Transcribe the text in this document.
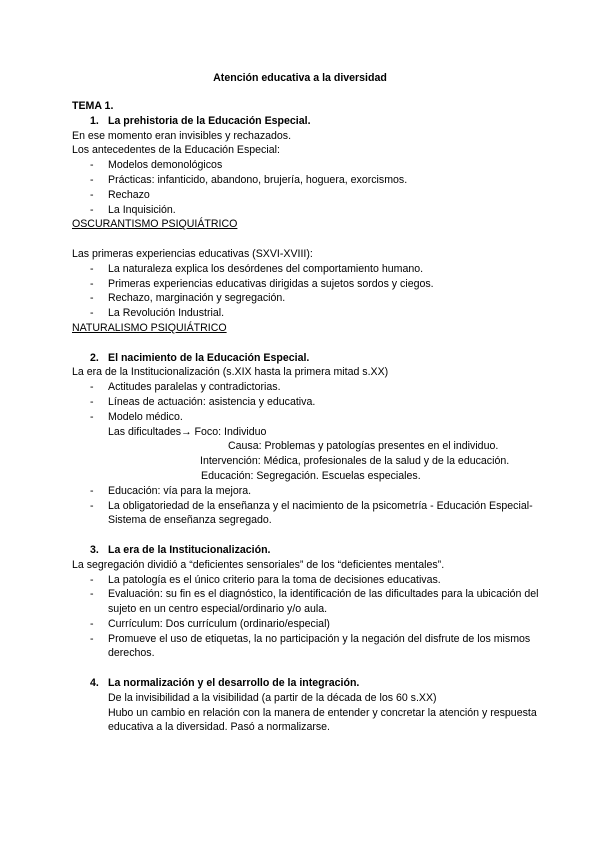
Atención educativa a la diversidad

TEMA 1.

1. La prehistoria de la Educación Especial.

En ese momento eran invisibles y rechazados.

Los antecedentes de la Educación Especial:

- Modelos demonológicos
- Prácticas: infanticido, abandono, brujería, hoguera, exorcismos.
- Rechazo
- La Inquisición.

OSCURANTISMO PSIQUIÁTRICO

Las primeras experiencias educativas (SXVI-XVIII):

- La naturaleza explica los desórdenes del comportamiento humano.
- Primeras experiencias educativas dirigidas a sujetos sordos y ciegos.
- Rechazo, marginación y segregación.
- La Revolución Industrial.

NATURALISMO PSIQUIÁTRICO

2. El nacimiento de la Educación Especial.

La era de la Institucionalización (s.XIX hasta la primera mitad s.XX)

- Actitudes paralelas y contradictorias.
- Líneas de actuación: asistencia y educativa.
- Modelo médico.

Las dificultades→ Foco: Individuo

Causa: Problemas y patologías presentes en el individuo.

Intervención: Médica, profesionales de la salud y de la educación.

Educación: Segregación. Escuelas especiales.

- Educación: vía para la mejora.
- La obligatoriedad de la enseñanza y el nacimiento de la psicometría - Educación Especial- Sistema de enseñanza segregado.
3. La era de la Institucionalización.

La segregación dividió a “deficientes sensoriales” de los “deficientes mentales”.

- La patología es el único criterio para la toma de decisiones educativas.
- Evaluación: su fin es el diagnóstico, la identificación de las dificultades para la ubicación del sujeto en un centro especial/ordinario y/o aula.
- Currículum: Dos currículum (ordinario/especial)
- Promueve el uso de etiquetas, la no participación y la negación del disfrute de los mismos derechos.
4. La normalización y el desarrollo de la integración.

De la invisibilidad a la visibilidad (a partir de la década de los 60 s.XX)

Hubo un cambio en relación con la manera de entender y concretar la atención y respuesta educativa a la diversidad. Pasó a normalizarse.
